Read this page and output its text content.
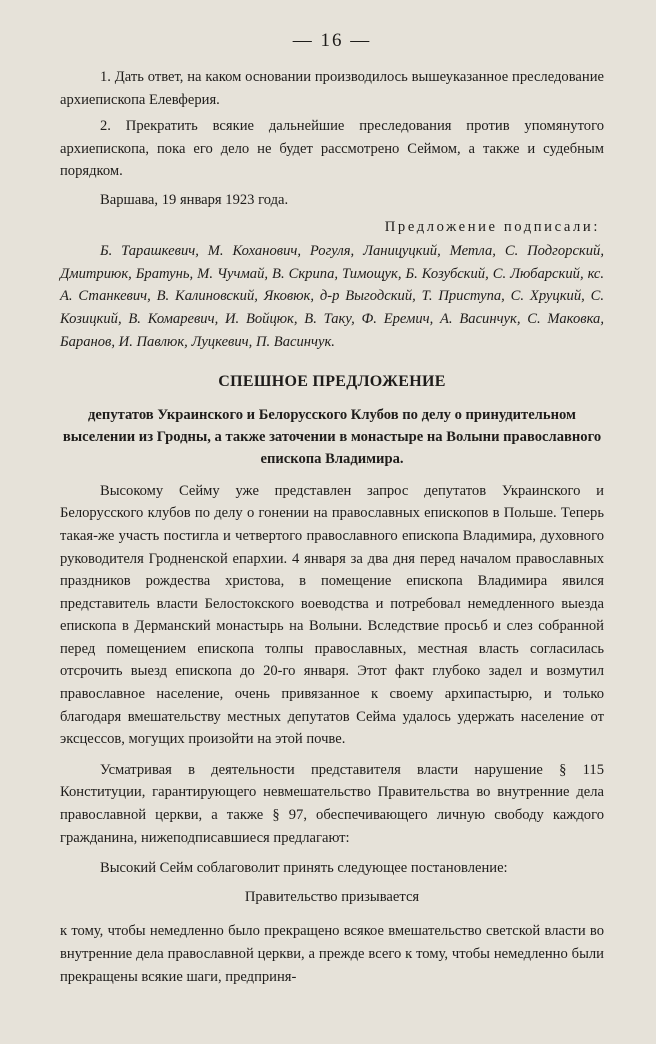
— 16 —

1. Дать ответ, на каком основании производилось вышеуказанное преследование архиепископа Елевферия.

2. Прекратить всякие дальнейшие преследования против упомянутого архиепископа, пока его дело не будет рассмотрено Сеймом, а также и судебным порядком.

Варшава, 19 января 1923 года.

Предложение подписали:

Б. Тарашкевич, М. Коханович, Рогуля, Ланицуцкий, Метла, С. Подгорский, Дмитриюк, Братунь, М. Чучмай, В. Скрипа, Тимощук, Б. Козубский, С. Любарский, кс. А. Станкевич, В. Калиновский, Яковюк, д-р Выгодский, Т. Приступа, С. Хруцкий, С. Козицкий, В. Комаревич, И. Войцюк, В. Таку, Ф. Еремич, А. Васинчук, С. Маковка, Баранов, И. Павлюк, Луцкевич, П. Васинчук.

СПЕШНОЕ ПРЕДЛОЖЕНИЕ
депутатов Украинского и Белорусского Клубов по делу о принудительном выселении из Гродны, а также заточении в монастыре на Волыни православного епископа Владимира.

Высокому Сейму уже представлен запрос депутатов Украинского и Белорусского клубов по делу о гонении на православных епископов в Польше. Теперь такая-же участь постигла и четвертого православного епископа Владимира, духовного руководителя Гродненской епархии. 4 января за два дня перед началом православных праздников рождества христова, в помещение епископа Владимира явился представитель власти Белостокского воеводства и потребовал немедленного выезда епископа в Дерманский монастырь на Волыни. Вследствие просьб и слез собранной перед помещением епископа толпы православных, местная власть согласилась отсрочить выезд епископа до 20-го января. Этот факт глубоко задел и возмутил православное население, очень привязанное к своему архипастырю, и только благодаря вмешательству местных депутатов Сейма удалось удержать население от эксцессов, могущих произойти на этой почве.

Усматривая в деятельности представителя власти нарушение § 115 Конституции, гарантирующего невмешательство Правительства во внутренние дела православной церкви, а также § 97, обеспечивающего личную свободу каждого гражданина, нижеподписавшиеся предлагают:

Высокий Сейм соблаговолит принять следующее постановление:

Правительство призывается

к тому, чтобы немедленно было прекращено всякое вмешательство светской власти во внутренние дела православной церкви, а прежде всего к тому, чтобы немедленно были прекращены всякие шаги, предприня-
